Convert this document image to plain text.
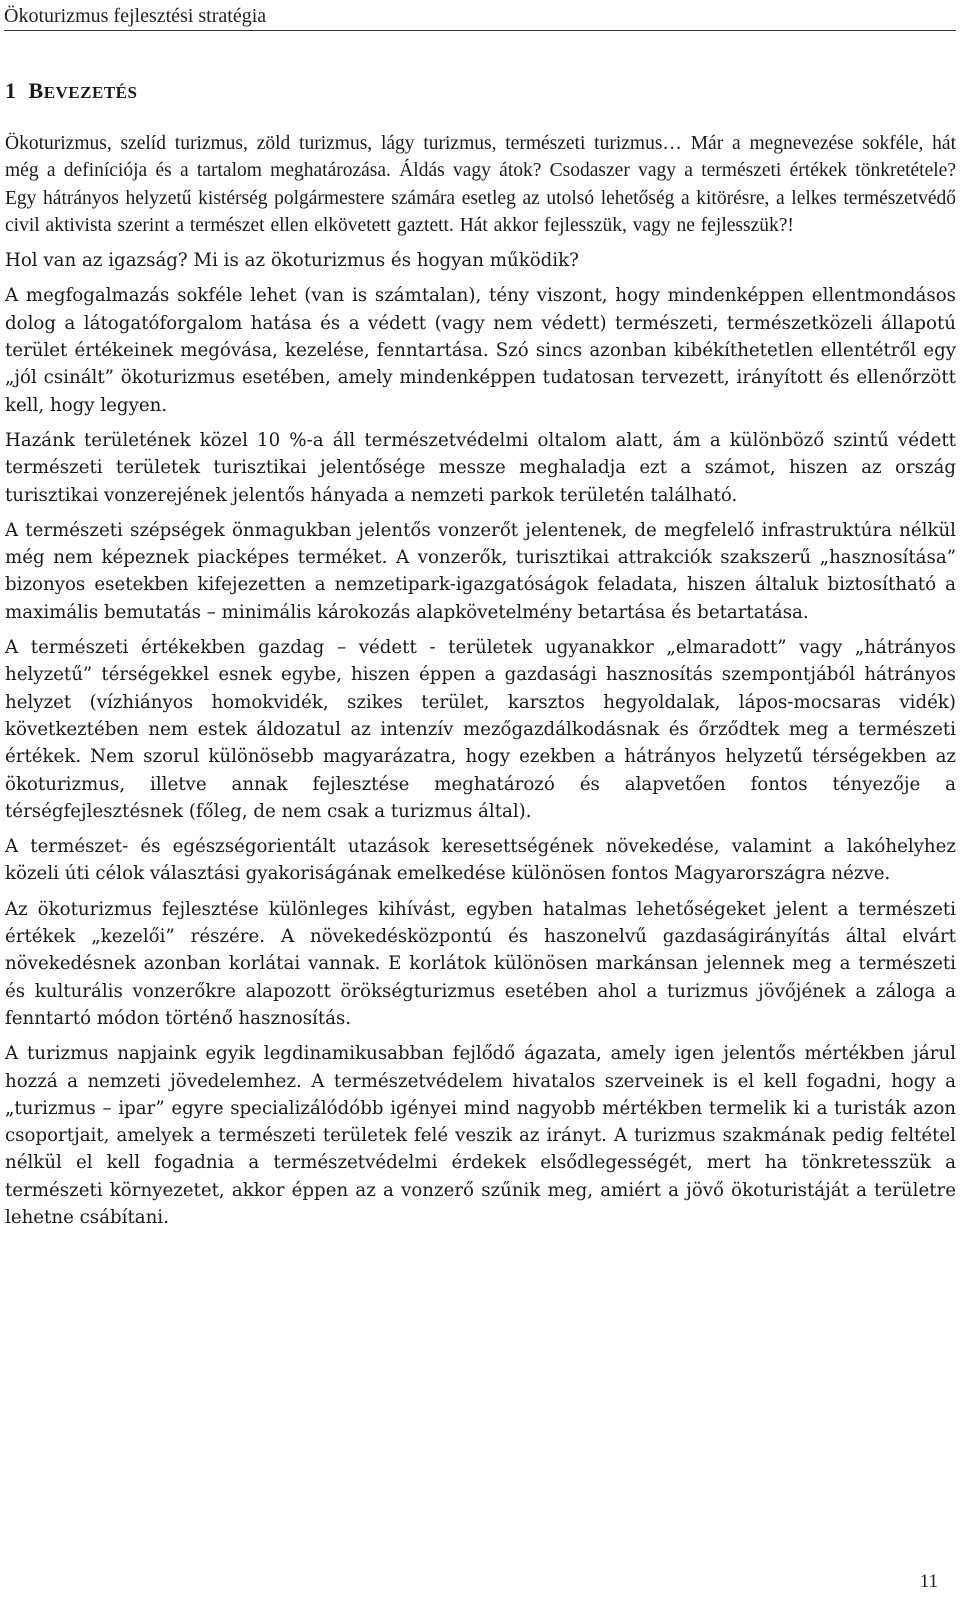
Ökoturizmus fejlesztési stratégia
1 BEVEZETÉS

Ökoturizmus, szelíd turizmus, zöld turizmus, lágy turizmus, természeti turizmus… Már a megnevezése sokféle, hát még a definíciója és a tartalom meghatározása. Áldás vagy átok? Csodaszer vagy a természeti értékek tönkretétele? Egy hátrányos helyzetű kistérség polgármestere számára esetleg az utolsó lehetőség a kitörésre, a lelkes természetvédő civil aktivista szerint a természet ellen elkövetett gaztett. Hát akkor fejlesszük, vagy ne fejlesszük?!

Hol van az igazság? Mi is az ökoturizmus és hogyan működik?

A megfogalmazás sokféle lehet (van is számtalan), tény viszont, hogy mindenképpen ellentmondásos dolog a látogatóforgalom hatása és a védett (vagy nem védett) természeti, természetközeli állapotú terület értékeinek megóvása, kezelése, fenntartása. Szó sincs azonban kibékíthetetlen ellentétről egy „jól csinált” ökoturizmus esetében, amely mindenképpen tudatosan tervezett, irányított és ellenőrzött kell, hogy legyen.

Hazánk területének közel 10 %-a áll természetvédelmi oltalom alatt, ám a különböző szintű védett természeti területek turisztikai jelentősége messze meghaladja ezt a számot, hiszen az ország turisztikai vonzerejének jelentős hányada a nemzeti parkok területén található.

A természeti szépségek önmagukban jelentős vonzerőt jelentenek, de megfelelő infrastruktúra nélkül még nem képeznek piacképes terméket. A vonzerők, turisztikai attrakciók szakszerű „hasznosítása” bizonyos esetekben kifejezetten a nemzetipark-igazgatóságok feladata, hiszen általuk biztosítható a maximális bemutatás – minimális károkozás alapkövetelmény betartása és betartatása.

A természeti értékekben gazdag – védett - területek ugyanakkor „elmaradott” vagy „hátrányos helyzetű” térségekkel esnek egybe, hiszen éppen a gazdasági hasznosítás szempontjából hátrányos helyzet (vízhiányos homokvidék, szikes terület, karsztos hegyoldalak, lápos-mocsaras vidék) következtében nem estek áldozatul az intenzív mezőgazdálkodásnak és őrződtek meg a természeti értékek. Nem szorul különösebb magyarázatra, hogy ezekben a hátrányos helyzetű térségekben az ökoturizmus, illetve annak fejlesztése meghatározó és alapvetően fontos tényezője a térségfejlesztésnek (főleg, de nem csak a turizmus által).

A természet- és egészségorientált utazások keresettségének növekedése, valamint a lakóhelyhez közeli úti célok választási gyakoriságának emelkedése különösen fontos Magyarországra nézve.

Az ökoturizmus fejlesztése különleges kihívást, egyben hatalmas lehetőségeket jelent a természeti értékek „kezelői” részére. A növekedésközpontú és haszonelvű gazdaságirányítás által elvárt növekedésnek azonban korlátai vannak. E korlátok különösen markánsan jelennek meg a természeti és kulturális vonzerőkre alapozott örökségturizmus esetében ahol a turizmus jövőjének a záloga a fenntartó módon történő hasznosítás.

A turizmus napjaink egyik legdinamikusabban fejlődő ágazata, amely igen jelentős mértékben járul hozzá a nemzeti jövedelemhez. A természetvédelem hivatalos szerveinek is el kell fogadni, hogy a „turizmus – ipar” egyre specializálódóbb igényei mind nagyobb mértékben termelik ki a turisták azon csoportjait, amelyek a természeti területek felé veszik az irányt. A turizmus szakmának pedig feltétel nélkül el kell fogadnia a természetvédelmi érdekek elsődlegességét, mert ha tönkretesszük a természeti környezetet, akkor éppen az a vonzerő szűnik meg, amiért a jövő ökoturistáját a területre lehetne csábítani.

11
